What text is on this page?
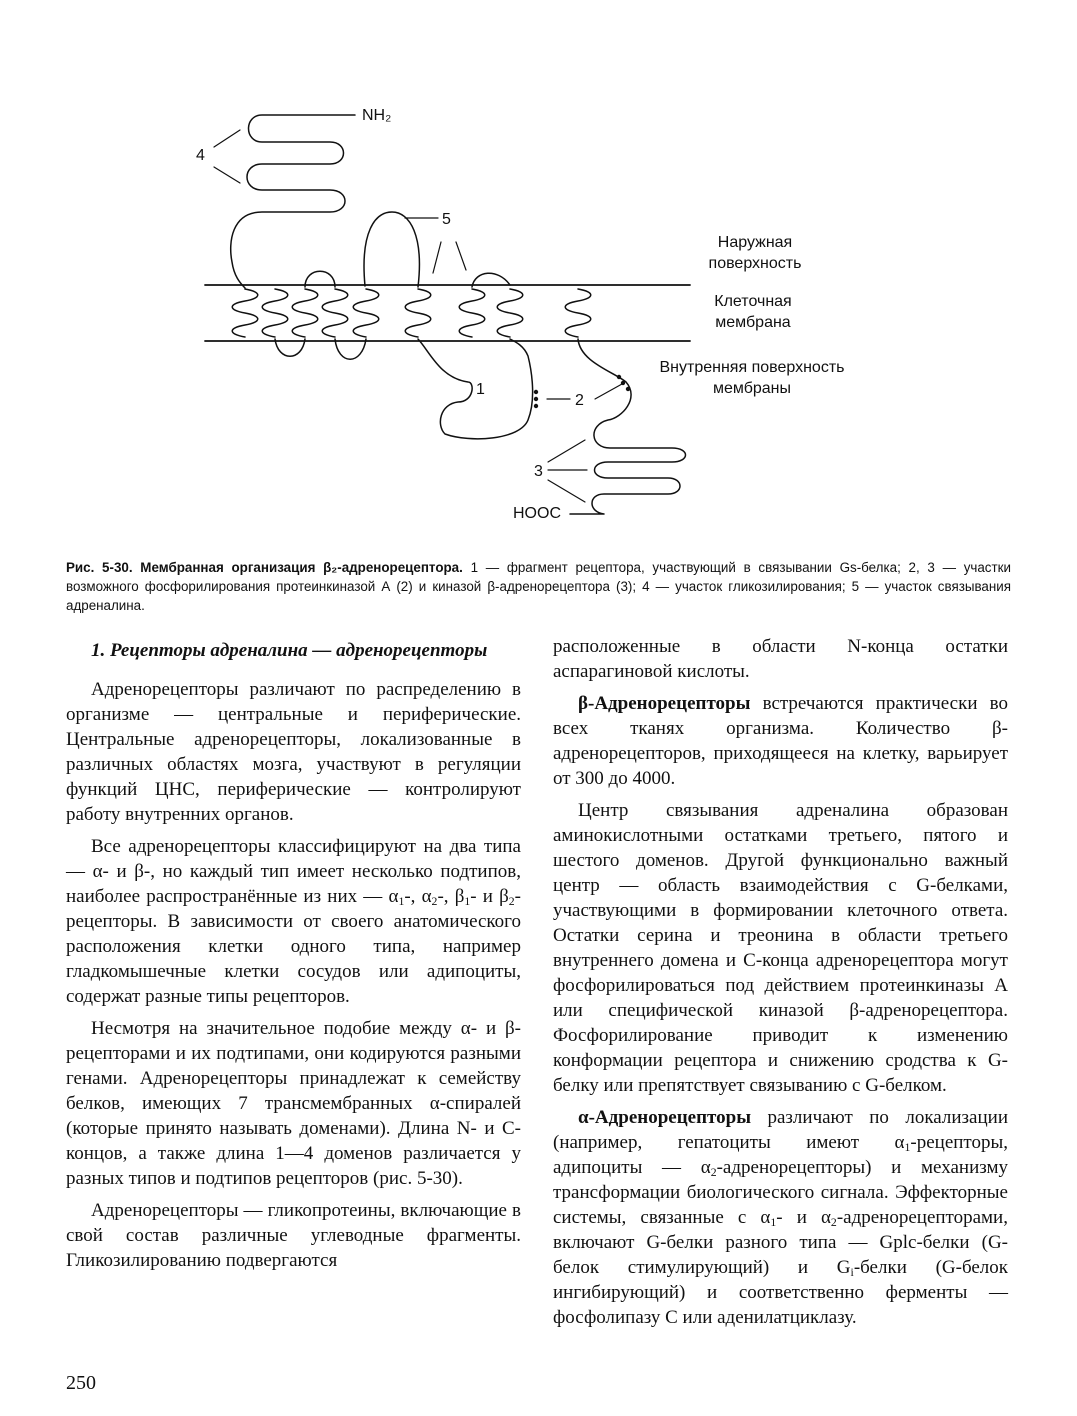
NH₂
4
5
1
2
3
HOOC
Наружная
поверхность
Клеточная
мембрана
Внутренняя поверхность
мембраны

Рис. 5-30. Мембранная организация β₂-адренорецептора. 1 — фрагмент рецептора, участвующий в связывании Gs-белка; 2, 3 — участки возможного фосфорилирования протеинкиназой А (2) и киназой β-адренорецептора (3); 4 — участок гликозилирования; 5 — участок связывания адреналина.

1. Рецепторы адреналина — адренорецепторы

Адренорецепторы различают по распределению в организме — центральные и периферические. Центральные адренорецепторы, локализованные в различных областях мозга, участвуют в регуляции функций ЦНС, периферические — контролируют работу внутренних органов.

Все адренорецепторы классифицируют на два типа — α- и β-, но каждый тип имеет несколько подтипов, наиболее распространённые из них — $\alpha_1-$, $\alpha_2-$, $\beta_1-$ и $\beta_2$-рецепторы. В зависимости от своего анатомического расположения клетки одного типа, например гладкомышечные клетки сосудов или адипоциты, содержат разные типы рецепторов.

Несмотря на значительное подобие между α- и β-рецепторами и их подтипами, они кодируются разными генами. Адренорецепторы принадлежат к семейству белков, имеющих 7 трансмембранных α-спиралей (которые принято называть доменами). Длина N- и C-концов, а также длина 1—4 доменов различается у разных типов и подтипов рецепторов (рис. 5-30).

Адренорецепторы — гликопротеины, включающие в свой состав различные углеводные фрагменты. Гликозилированию подвергаются

расположенные в области N-конца остатки аспарагиновой кислоты.

β-Адренорецепторы встречаются практически во всех тканях организма. Количество β-адренорецепторов, приходящееся на клетку, варьирует от 300 до 4000.

Центр связывания адреналина образован аминокислотными остатками третьего, пятого и шестого доменов. Другой функционально важный центр — область взаимодействия с G-белками, участвующими в формировании клеточного ответа. Остатки серина и треонина в области третьего внутреннего домена и C-конца адренорецептора могут фосфорилироваться под действием протеинкиназы А или специфической киназой β-адренорецептора. Фосфорилирование приводит к изменению конформации рецептора и снижению сродства к G-белку или препятствует связыванию с G-белком.

α-Адренорецепторы различают по локализации (например, гепатоциты имеют $\alpha_1$-рецепторы, адипоциты — $\alpha_2-адренорецепторы$) и механизму трансформации биологического сигнала. Эффекторные системы, связанные с $\alpha_1-$ и $\alpha_2$-адренорецепторами, включают G-белки разного типа — Gplc-белки (G-белок стимулирующий) и $G_i$-белки (G-белок ингибирующий) и соответственно ферменты — фосфолипазу С или аденилатциклазу.

250
